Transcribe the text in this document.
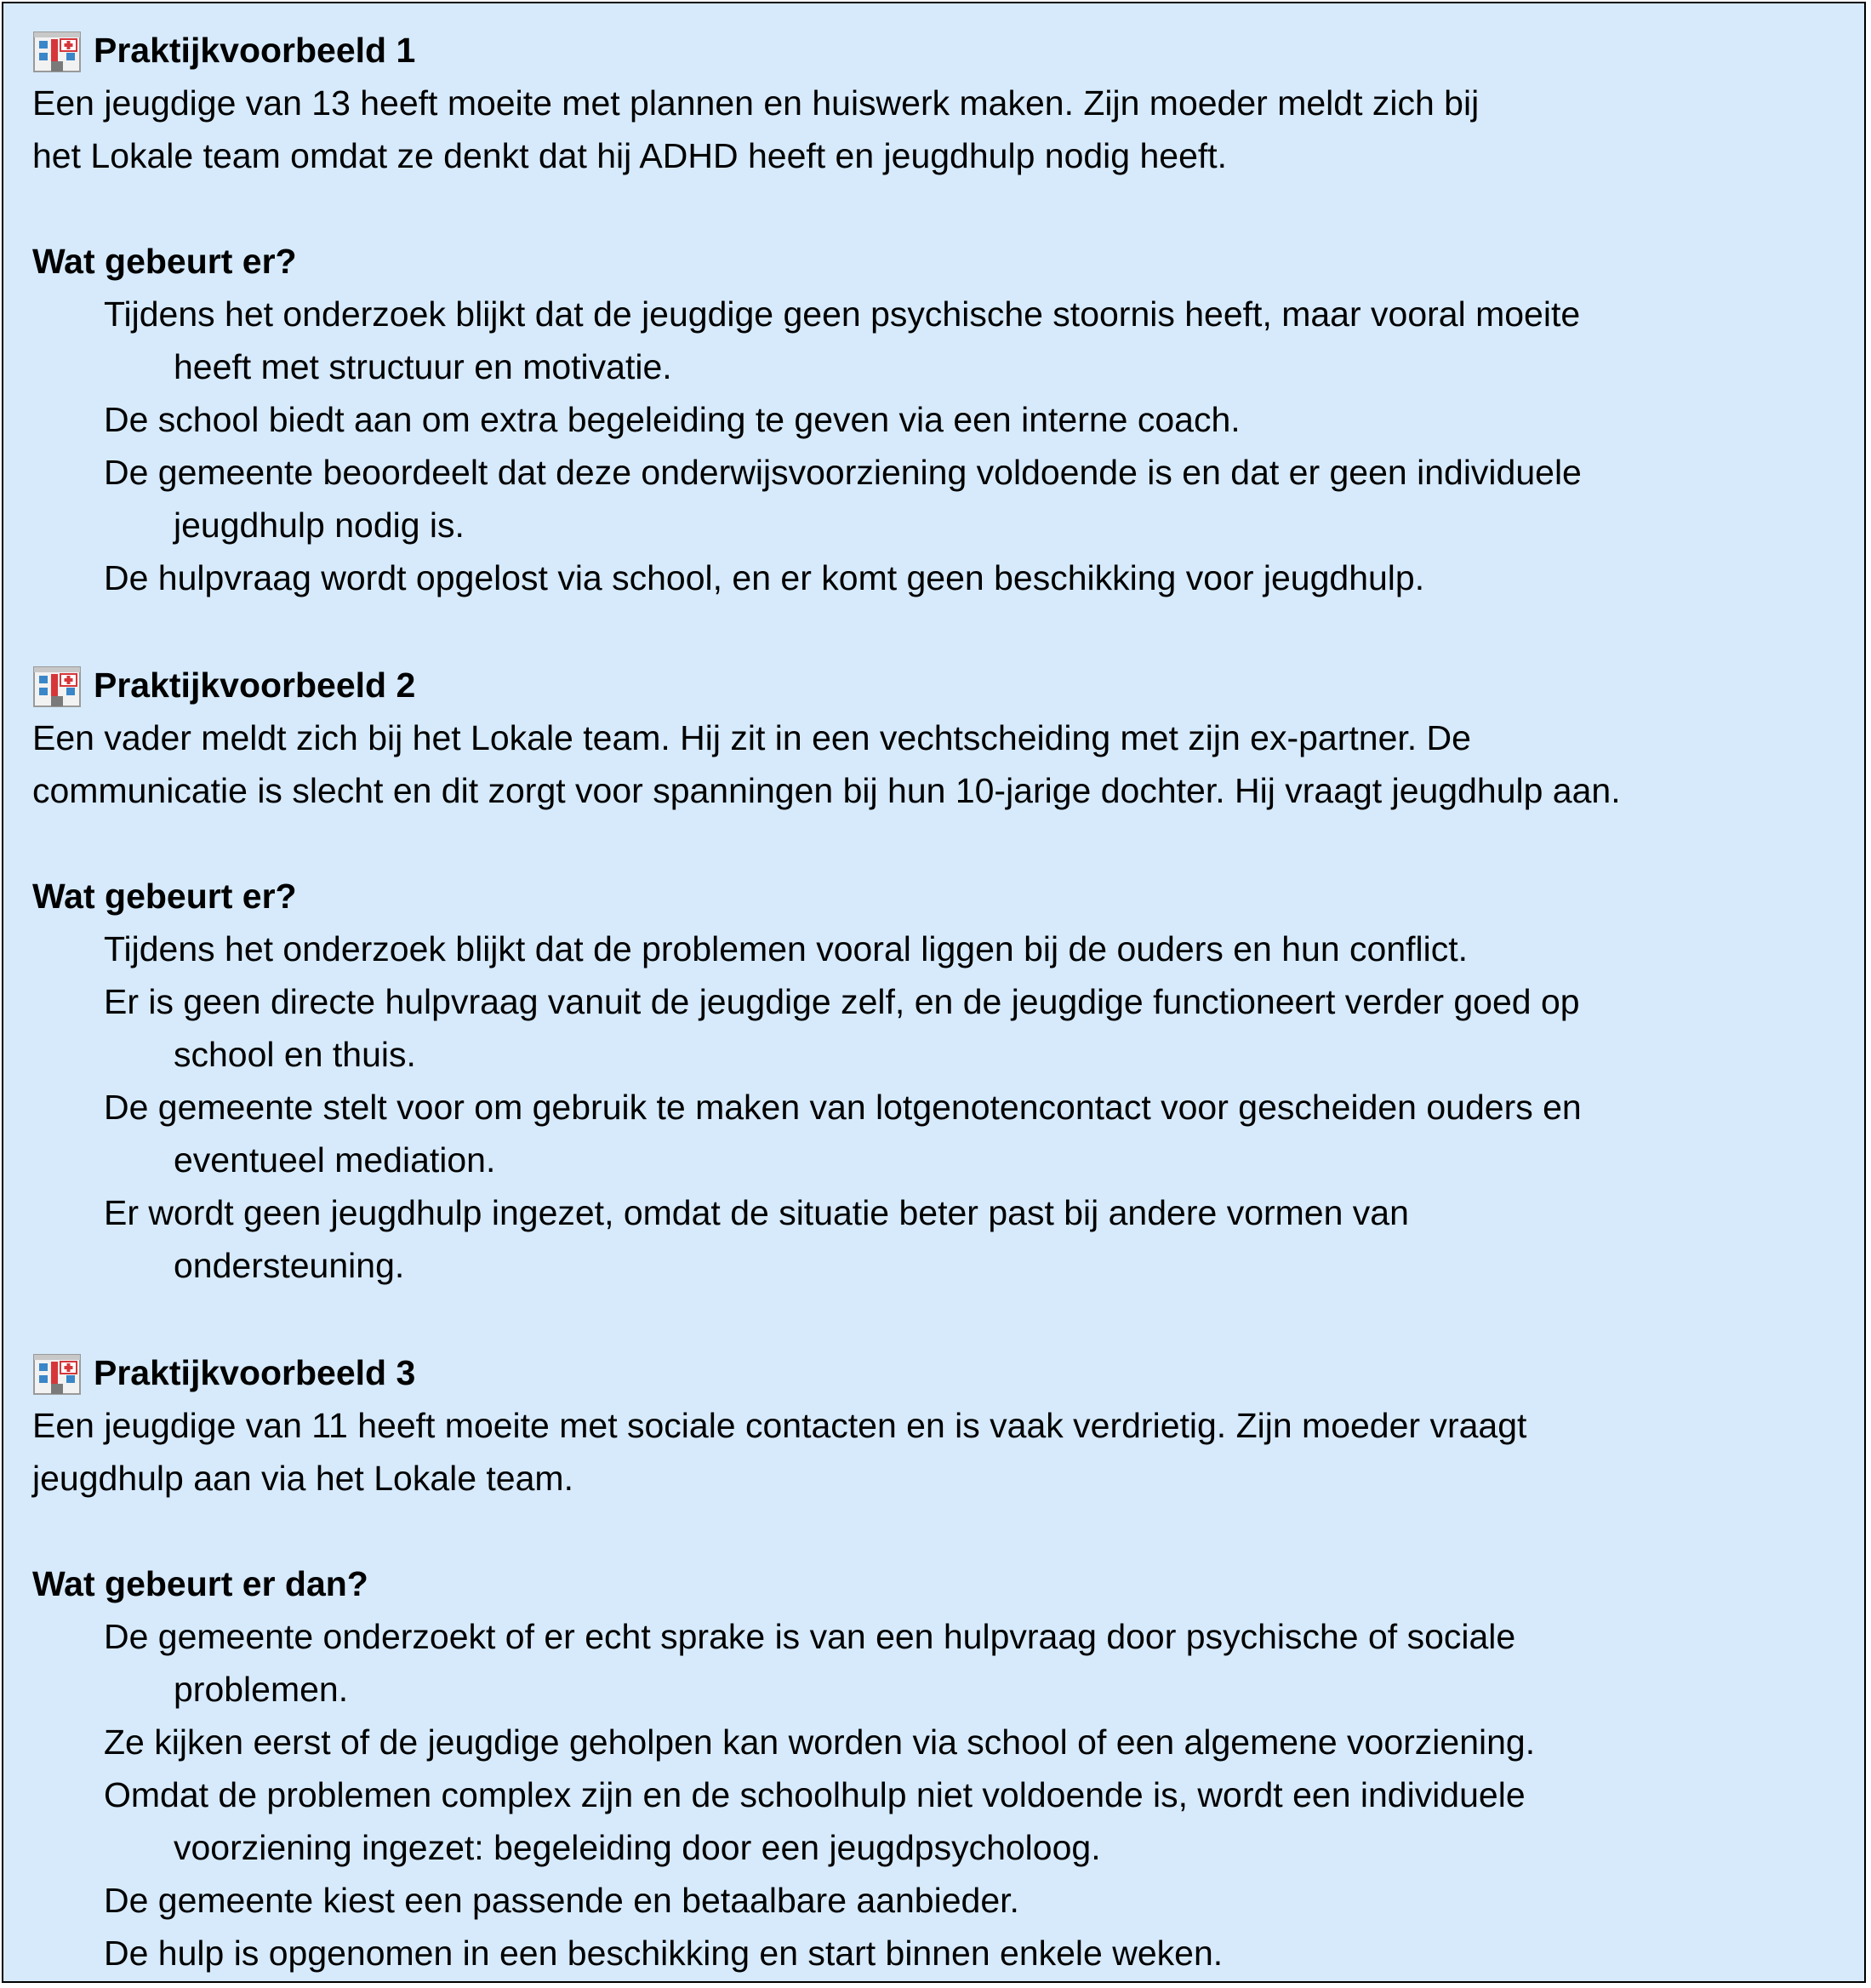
Praktijkvoorbeeld 1
Een jeugdige van 13 heeft moeite met plannen en huiswerk maken. Zijn moeder meldt zich bij
het Lokale team omdat ze denkt dat hij ADHD heeft en jeugdhulp nodig heeft.
Wat gebeurt er?
Tijdens het onderzoek blijkt dat de jeugdige geen psychische stoornis heeft, maar vooral moeite
heeft met structuur en motivatie.
De school biedt aan om extra begeleiding te geven via een interne coach.
De gemeente beoordeelt dat deze onderwijsvoorziening voldoende is en dat er geen individuele
jeugdhulp nodig is.
De hulpvraag wordt opgelost via school, en er komt geen beschikking voor jeugdhulp.
Praktijkvoorbeeld 2
Een vader meldt zich bij het Lokale team. Hij zit in een vechtscheiding met zijn ex-partner. De
communicatie is slecht en dit zorgt voor spanningen bij hun 10-jarige dochter. Hij vraagt jeugdhulp aan.
Wat gebeurt er?
Tijdens het onderzoek blijkt dat de problemen vooral liggen bij de ouders en hun conflict.
Er is geen directe hulpvraag vanuit de jeugdige zelf, en de jeugdige functioneert verder goed op
school en thuis.
De gemeente stelt voor om gebruik te maken van lotgenotencontact voor gescheiden ouders en
eventueel mediation.
Er wordt geen jeugdhulp ingezet, omdat de situatie beter past bij andere vormen van
ondersteuning.
Praktijkvoorbeeld 3
Een jeugdige van 11 heeft moeite met sociale contacten en is vaak verdrietig. Zijn moeder vraagt
jeugdhulp aan via het Lokale team.
Wat gebeurt er dan?
De gemeente onderzoekt of er echt sprake is van een hulpvraag door psychische of sociale
problemen.
Ze kijken eerst of de jeugdige geholpen kan worden via school of een algemene voorziening.
Omdat de problemen complex zijn en de schoolhulp niet voldoende is, wordt een individuele
voorziening ingezet: begeleiding door een jeugdpsycholoog.
De gemeente kiest een passende en betaalbare aanbieder.
De hulp is opgenomen in een beschikking en start binnen enkele weken.
